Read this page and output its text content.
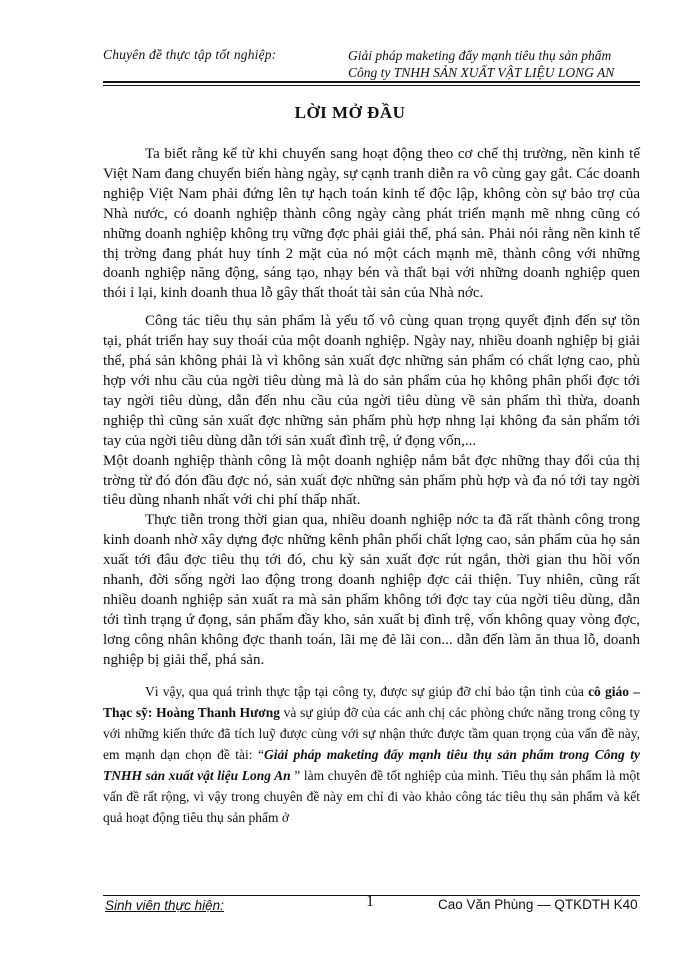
Chuyên đề thực tập tốt nghiệp:	Giải pháp maketing đẩy mạnh tiêu thụ sản phẩm
Công ty TNHH SẢN XUẤT VẬT LIỆU LONG AN
LỜI MỞ ĐẦU

Ta biết rằng kể từ khi chuyển sang hoạt động theo cơ chế thị trường, nền kinh tế Việt Nam đang chuyển biến hàng ngày, sự cạnh tranh diễn ra vô cùng gay gắt. Các doanh nghiệp Việt Nam phải đứng lên tự hạch toán kinh tế độc lập, không còn sự bảo trợ của Nhà nước, có doanh nghiệp thành công ngày càng phát triển mạnh mẽ nhng cũng có những doanh nghiệp không trụ vững đợc phải giải thể, phá sản. Phải nói rằng nền kinh tế thị trờng đang phát huy tính 2 mặt của nó một cách mạnh mẽ, thành công với những doanh nghiệp năng động, sáng tạo, nhạy bén và thất bại với những doanh nghiệp quen thói ỉ lại, kinh doanh thua lỗ gây thất thoát tài sản của Nhà nớc.

Công tác tiêu thụ sản phẩm là yếu tố vô cùng quan trọng quyết định đến sự tồn tại, phát triển hay suy thoái của một doanh nghiệp. Ngày nay, nhiều doanh nghiệp bị giải thể, phá sản không phải là vì không sản xuất đợc những sản phẩm có chất lợng cao, phù hợp với nhu cầu của ngời tiêu dùng mà là do sản phẩm của họ không phân phối đợc tới tay ngời tiêu dùng, dẫn đến nhu cầu của ngời tiêu dùng về sản phẩm thì thừa, doanh nghiệp thì cũng sản xuất đợc những sản phẩm phù hợp nhng lại không đa sản phẩm tới tay của ngời tiêu dùng dẫn tới sản xuất đình trệ, ứ đọng vốn,...

Một doanh nghiệp thành công là một doanh nghiệp nắm bắt đợc những thay đổi của thị trờng từ đó đón đầu đợc nó, sản xuất đợc những sản phẩm phù hợp và đa nó tới tay ngời tiêu dùng nhanh nhất với chi phí thấp nhất.

Thực tiễn trong thời gian qua, nhiều doanh nghiệp nớc ta đã rất thành công trong kinh doanh nhờ xây dựng đợc những kênh phân phối chất lợng cao, sản phẩm của họ sản xuất tới đâu đợc tiêu thụ tới đó, chu kỳ sản xuất đợc rút ngắn, thời gian thu hồi vốn nhanh, đời sống ngời lao động trong doanh nghiệp đợc cải thiện. Tuy nhiên, cũng rất nhiều doanh nghiệp sản xuất ra mà sản phẩm không tới đợc tay của ngời tiêu dùng, dẫn tới tình trạng ứ đọng, sản phẩm đầy kho, sản xuất bị đình trệ, vốn không quay vòng đợc, lơng công nhân không đợc thanh toán, lãi mẹ đẻ lãi con... dẫn đến làm ăn thua lỗ, doanh nghiệp bị giải thể, phá sản.

Vì vậy, qua quá trình thực tập tại công ty, được sự giúp đỡ chỉ bảo tận tình của cô giáo – Thạc sỹ: Hoàng Thanh Hương và sự giúp đỡ của các anh chị các phòng chức năng trong công ty với những kiến thức đã tích luỹ được cùng với sự nhận thức được tầm quan trọng của vấn đề này, em mạnh dạn chọn đề tài: “Giải pháp maketing đẩy mạnh tiêu thụ sản phẩm trong Công ty TNHH sản xuất vật liệu Long An ” làm chuyên đề tốt nghiệp của mình. Tiêu thụ sản phẩm là một vấn đề rất rộng, vì vậy trong chuyên đề này em chỉ đi vào khảo công tác tiêu thụ sản phẩm và kết quả hoạt động tiêu thụ sản phẩm ở

Sinh viên thực hiện:	1	Cao Văn Phùng — QTKDTH K40
